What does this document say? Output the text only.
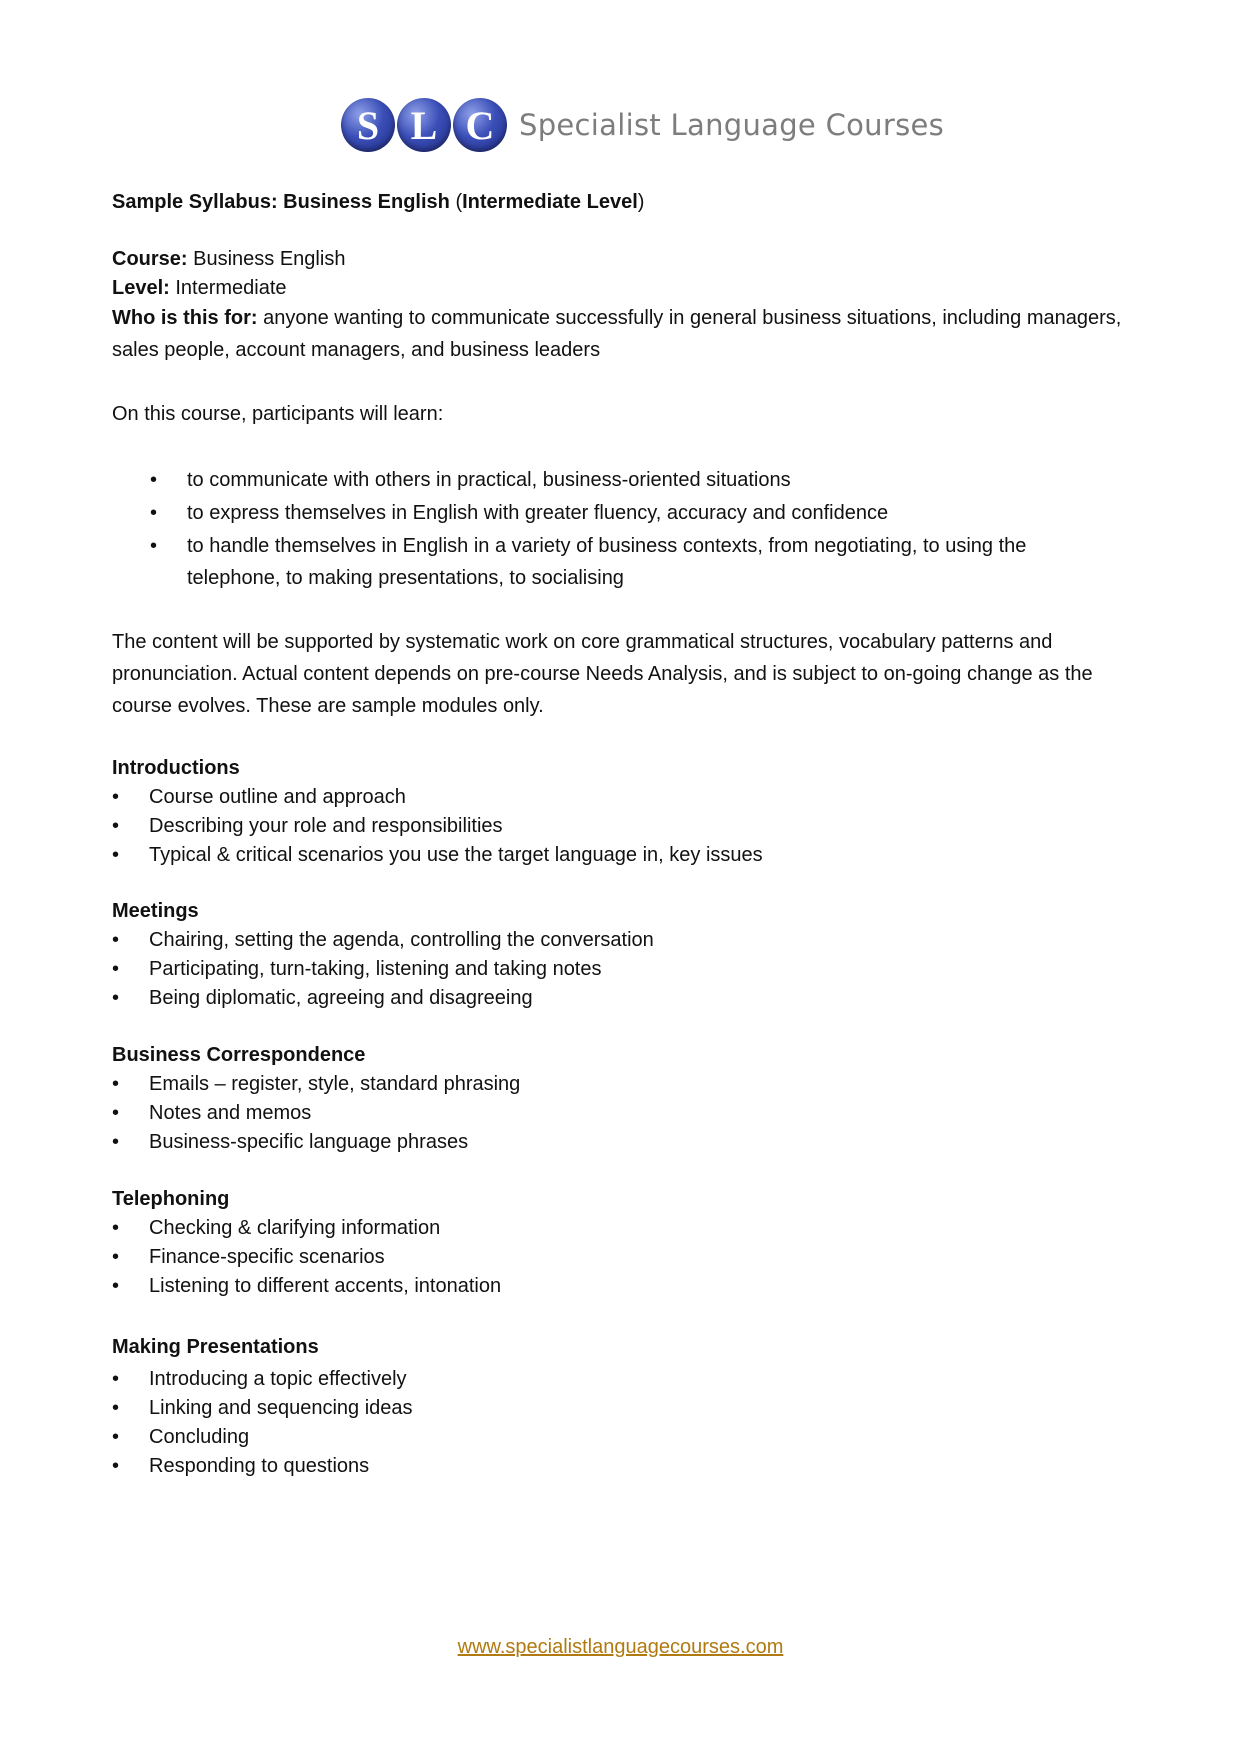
S L C Specialist Language Courses
Sample Syllabus: Business English (Intermediate Level)
Course: Business English
Level: Intermediate
Who is this for: anyone wanting to communicate successfully in general business situations, including managers, sales people, account managers, and business leaders
On this course, participants will learn:
• to communicate with others in practical, business-oriented situations
• to express themselves in English with greater fluency, accuracy and confidence
• to handle themselves in English in a variety of business contexts, from negotiating, to using the telephone, to making presentations, to socialising
The content will be supported by systematic work on core grammatical structures, vocabulary patterns and pronunciation. Actual content depends on pre-course Needs Analysis, and is subject to on-going change as the course evolves. These are sample modules only.
Introductions
• Course outline and approach
• Describing your role and responsibilities
• Typical & critical scenarios you use the target language in, key issues
Meetings
• Chairing, setting the agenda, controlling the conversation
• Participating, turn-taking, listening and taking notes
• Being diplomatic, agreeing and disagreeing
Business Correspondence
• Emails – register, style, standard phrasing
• Notes and memos
• Business-specific language phrases
Telephoning
• Checking & clarifying information
• Finance-specific scenarios
• Listening to different accents, intonation
Making Presentations
• Introducing a topic effectively
• Linking and sequencing ideas
• Concluding
• Responding to questions
www.specialistlanguagecourses.com
